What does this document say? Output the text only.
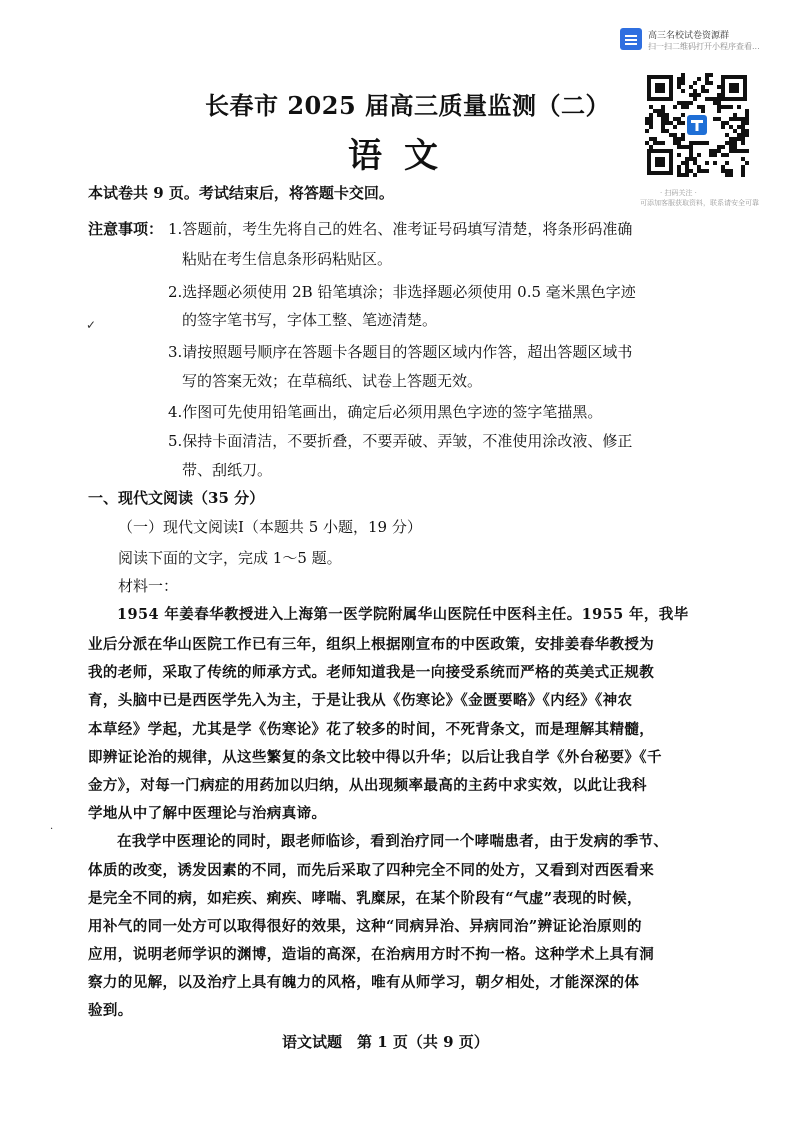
高三名校试卷资源群
扫一扫二维码打开小程序查看...
· 扫码关注 ·
可添加客服获取资料，联系请安全可靠
长春市 2025 届高三质量监测（二）
语文
本试卷共 9 页。考试结束后，将答题卡交回。
注意事项： 1.答题前，考生先将自己的姓名、准考证号码填写清楚，将条形码准确
粘贴在考生信息条形码粘贴区。
2.选择题必须使用 2B 铅笔填涂；非选择题必须使用 0.5 毫米黑色字迹
的签字笔书写，字体工整、笔迹清楚。
3.请按照题号顺序在答题卡各题目的答题区域内作答，超出答题区域书
写的答案无效；在草稿纸、试卷上答题无效。
4.作图可先使用铅笔画出，确定后必须用黑色字迹的签字笔描黑。
5.保持卡面清洁，不要折叠，不要弄破、弄皱，不准使用涂改液、修正
带、刮纸刀。
✓
一、现代文阅读（35 分）
（一）现代文阅读Ⅰ（本题共 5 小题，19 分）
阅读下面的文字，完成 1～5 题。
材料一：
1954 年姜春华教授进入上海第一医学院附属华山医院任中医科主任。1955 年，我毕
业后分派在华山医院工作已有三年，组织上根据刚宣布的中医政策，安排姜春华教授为
我的老师，采取了传统的师承方式。老师知道我是一向接受系统而严格的英美式正规教
育，头脑中已是西医学先入为主，于是让我从《伤寒论》《金匮要略》《内经》《神农
本草经》学起，尤其是学《伤寒论》花了较多的时间，不死背条文，而是理解其精髓，
即辨证论治的规律，从这些繁复的条文比较中得以升华；以后让我自学《外台秘要》《千
金方》，对每一门病症的用药加以归纳，从出现频率最高的主药中求实效，以此让我科
学地从中了解中医理论与治病真谛。
·
在我学中医理论的同时，跟老师临诊，看到治疗同一个哮喘患者，由于发病的季节、
体质的改变，诱发因素的不同，而先后采取了四种完全不同的处方，又看到对西医看来
是完全不同的病，如疟疾、痢疾、哮喘、乳糜尿，在某个阶段有“气虚”表现的时候，
用补气的同一处方可以取得很好的效果，这种“同病异治、异病同治”辨证论治原则的
应用，说明老师学识的渊博，造诣的高深，在治病用方时不拘一格。这种学术上具有洞
察力的见解，以及治疗上具有魄力的风格，唯有从师学习，朝夕相处，才能深深的体
验到。
语文试题　第 1 页（共 9 页）
